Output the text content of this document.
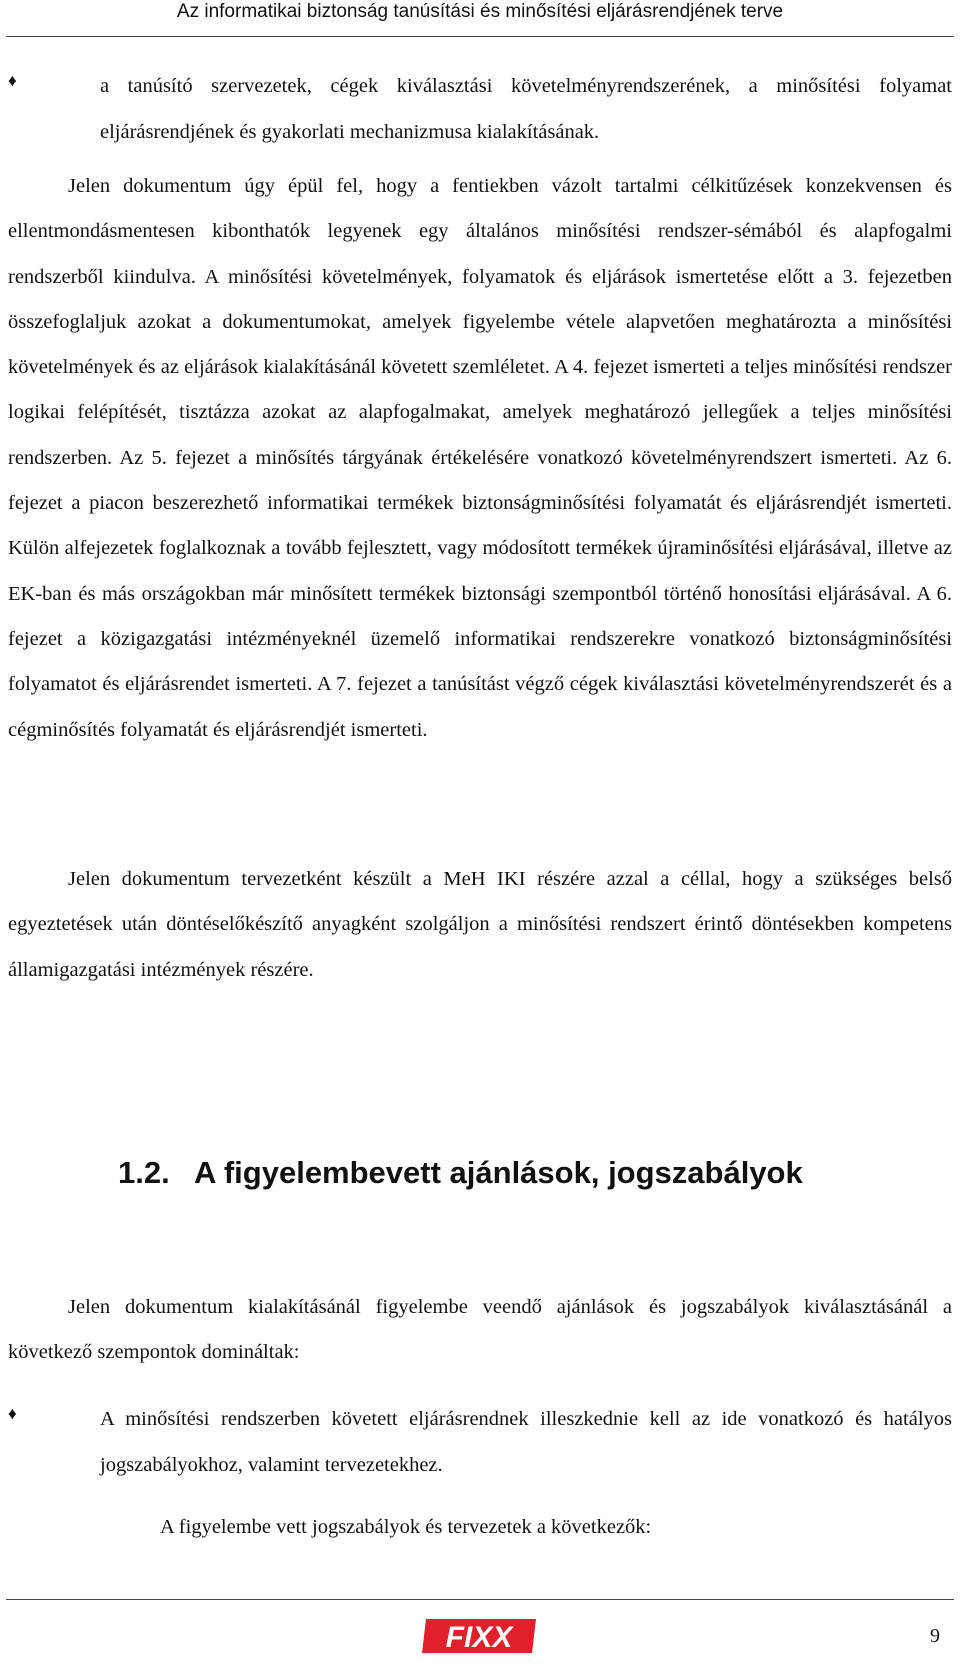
Az informatikai biztonság tanúsítási és minősítési eljárásrendjének terve
♦	a tanúsító szervezetek, cégek kiválasztási követelményrendszerének, a minősítési folyamat eljárásrendjének és gyakorlati mechanizmusa kialakításának.
Jelen dokumentum úgy épül fel, hogy a fentiekben vázolt tartalmi célkitűzések konzekvensen és ellentmondásmentesen kibonthatók legyenek egy általános minősítési rendszer-sémából és alapfogalmi rendszerből kiindulva. A minősítési követelmények, folyamatok és eljárások ismertetése előtt a 3. fejezetben összefoglaljuk azokat a dokumentumokat, amelyek figyelembe vétele alapvetően meghatározta a minősítési követelmények és az eljárások kialakításánál követett szemléletet. A 4. fejezet ismerteti a teljes minősítési rendszer logikai felépítését, tisztázza azokat az alapfogalmakat, amelyek meghatározó jellegűek a teljes minősítési rendszerben. Az 5. fejezet a minősítés tárgyának értékelésére vonatkozó követelményrendszert ismerteti. Az 6. fejezet a piacon beszerezhető informatikai termékek biztonságminősítési folyamatát és eljárásrendjét ismerteti. Külön alfejezetek foglalkoznak a tovább fejlesztett, vagy módosított termékek újraminősítési eljárásával, illetve az EK-ban és más országokban már minősített termékek biztonsági szempontból történő honosítási eljárásával. A 6. fejezet a közigazgatási intézményeknél üzemelő informatikai rendszerekre vonatkozó biztonságminősítési folyamatot és eljárásrendet ismerteti. A 7. fejezet a tanúsítást végző cégek kiválasztási követelményrendszerét és a cégminősítés folyamatát és eljárásrendjét ismerteti.
Jelen dokumentum tervezetként készült a MeH IKI részére azzal a céllal, hogy a szükséges belső egyeztetések után döntéselőkészítő anyagként szolgáljon a minősítési rendszert érintő döntésekben kompetens államigazgatási intézmények részére.
1.2. A figyelembevett ajánlások, jogszabályok
Jelen dokumentum kialakításánál figyelembe veendő ajánlások és jogszabályok kiválasztásánál a következő szempontok domináltak:
♦	A minősítési rendszerben követett eljárásrendnek illeszkednie kell az ide vonatkozó és hatályos jogszabályokhoz, valamint tervezetekhez.
A figyelembe vett jogszabályok és tervezetek a következők:
FIXX	9
